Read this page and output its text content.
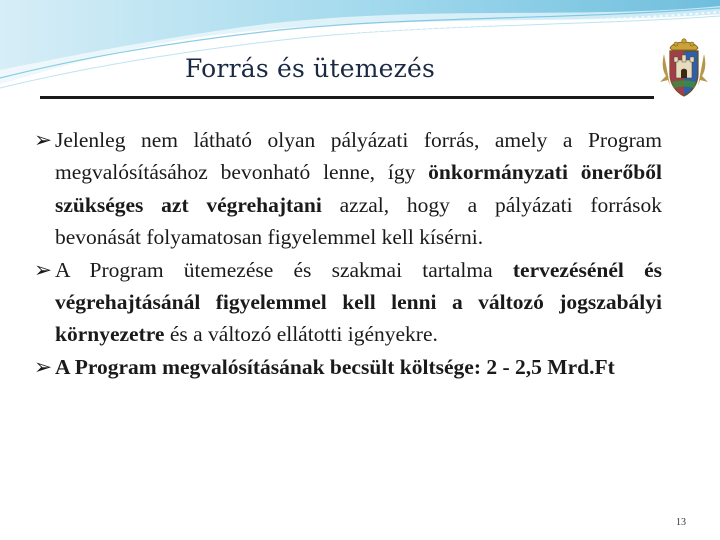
Forrás és ütemezés

➢ Jelenleg nem látható olyan pályázati forrás, amely a Program megvalósításához bevonható lenne, így önkormányzati önerőből szükséges azt végrehajtani azzal, hogy a pályázati források bevonását folyamatosan figyelemmel kell kísérni.

➢ A Program ütemezése és szakmai tartalma tervezésénél és végrehajtásánál figyelemmel kell lenni a változó jogszabályi környezetre és a változó ellátotti igényekre.

➢ A Program megvalósításának becsült költsége: 2 - 2,5 Mrd.Ft

13
